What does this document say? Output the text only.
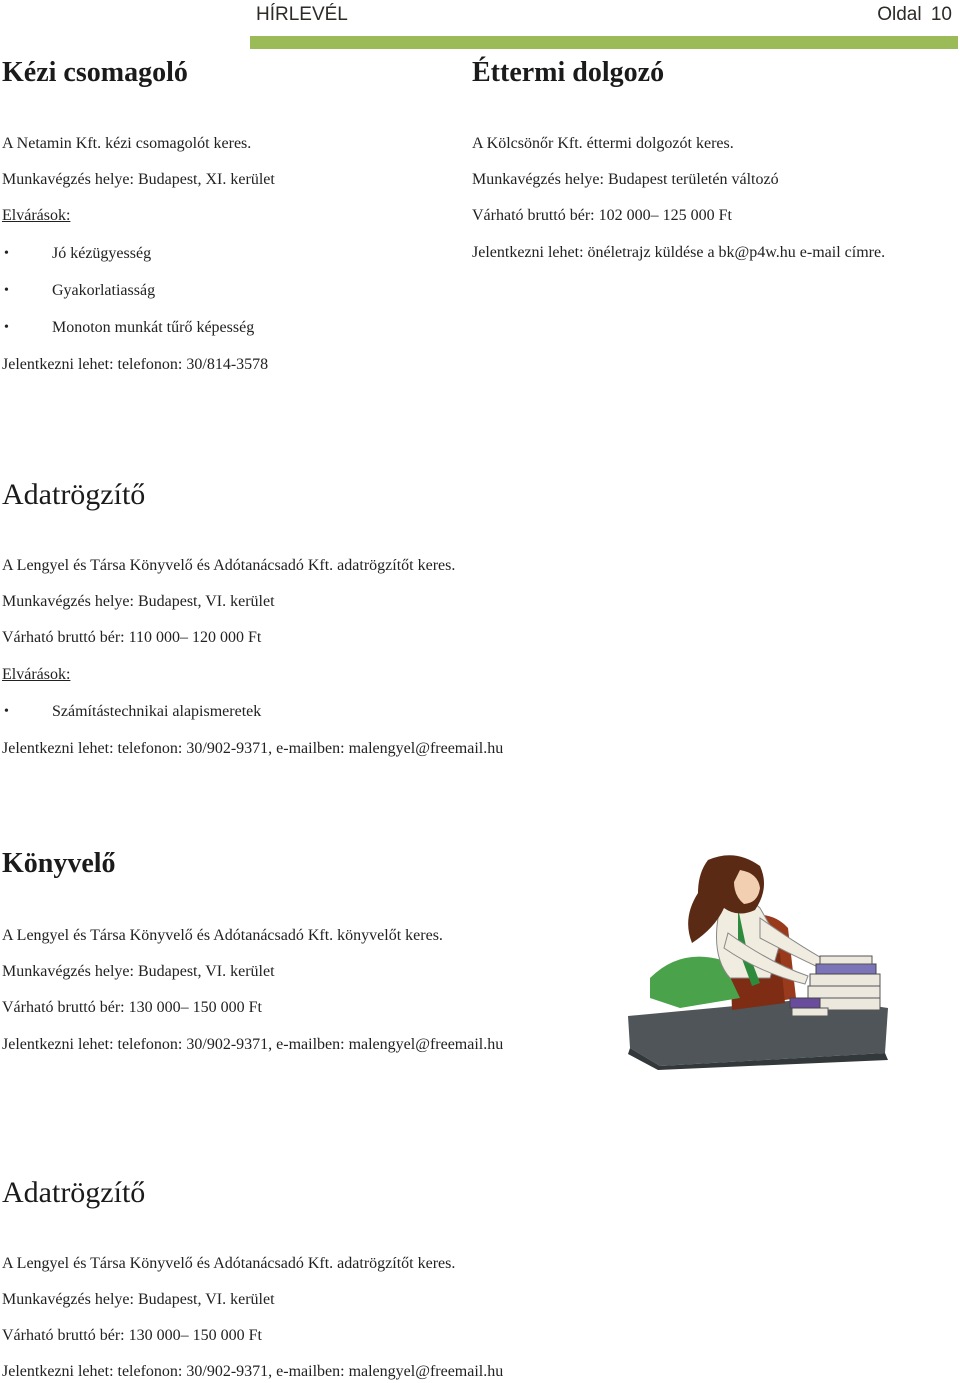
HÍRLEVÉL	Oldal 10
Kézi csomagoló
A Netamin Kft. kézi csomagolót keres.
Munkavégzés helye: Budapest, XI. kerület
Elvárások:
•	Jó kézügyesség
•	Gyakorlatiasság
•	Monoton munkát tűrő képesség
Jelentkezni lehet: telefonon: 30/814-3578
Éttermi dolgozó
A Kölcsönőr Kft. éttermi dolgozót keres.
Munkavégzés helye: Budapest területén változó
Várható bruttó bér: 102 000– 125 000 Ft
Jelentkezni lehet: önéletrajz küldése a bk@p4w.hu e-mail címre.
Adatrögzítő
A Lengyel és Társa Könyvelő és Adótanácsadó Kft. adatrögzítőt keres.
Munkavégzés helye: Budapest, VI. kerület
Várható bruttó bér: 110 000– 120 000 Ft
Elvárások:
•	Számítástechnikai alapismeretek
Jelentkezni lehet: telefonon: 30/902-9371, e-mailben: malengyel@freemail.hu
Könyvelő
A Lengyel és Társa Könyvelő és Adótanácsadó Kft. könyvelőt keres.
Munkavégzés helye: Budapest, VI. kerület
Várható bruttó bér: 130 000– 150 000 Ft
Jelentkezni lehet: telefonon: 30/902-9371, e-mailben: malengyel@freemail.hu
Adatrögzítő
A Lengyel és Társa Könyvelő és Adótanácsadó Kft. adatrögzítőt keres.
Munkavégzés helye: Budapest, VI. kerület
Várható bruttó bér: 130 000– 150 000 Ft
Jelentkezni lehet: telefonon: 30/902-9371, e-mailben: malengyel@freemail.hu
